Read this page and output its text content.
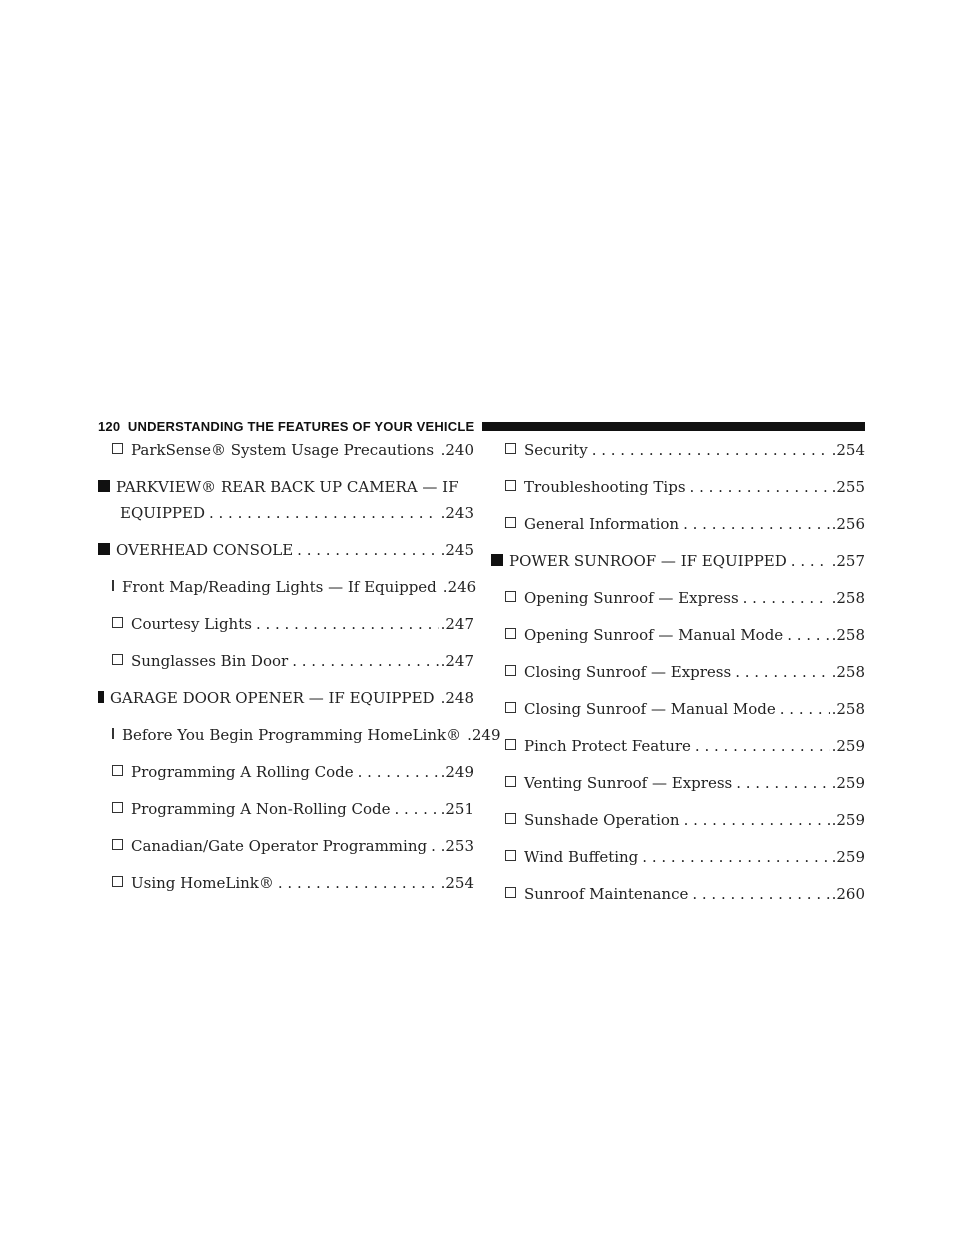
120 UNDERSTANDING THE FEATURES OF YOUR VEHICLE
ParkSense® System Usage Precautions . . . .240
PARKVIEW® REAR BACK UP CAMERA — IF
EQUIPPED . . .	.243
OVERHEAD CONSOLE . . .	.245
Front Map/Reading Lights — If Equipped . . . .246
Courtesy Lights . . .	.247
Sunglasses Bin Door . . .	.247
GARAGE DOOR OPENER — IF EQUIPPED . . . .248
Before You Begin Programming HomeLink® . . . .249
Programming A Rolling Code . . .	.249
Programming A Non-Rolling Code . . .	.251
Canadian/Gate Operator Programming . . . .253
Using HomeLink® . . .	.254
Security . . .	.254
Troubleshooting Tips . . .	.255
General Information . . .	.256
POWER SUNROOF — IF EQUIPPED . . .	.257
Opening Sunroof — Express . . .	.258
Opening Sunroof — Manual Mode . . .	.258
Closing Sunroof — Express . . .	.258
Closing Sunroof — Manual Mode . . .	.258
Pinch Protect Feature . . .	.259
Venting Sunroof — Express . . .	.259
Sunshade Operation . . .	.259
Wind Buffeting . . .	.259
Sunroof Maintenance . . .	.260
